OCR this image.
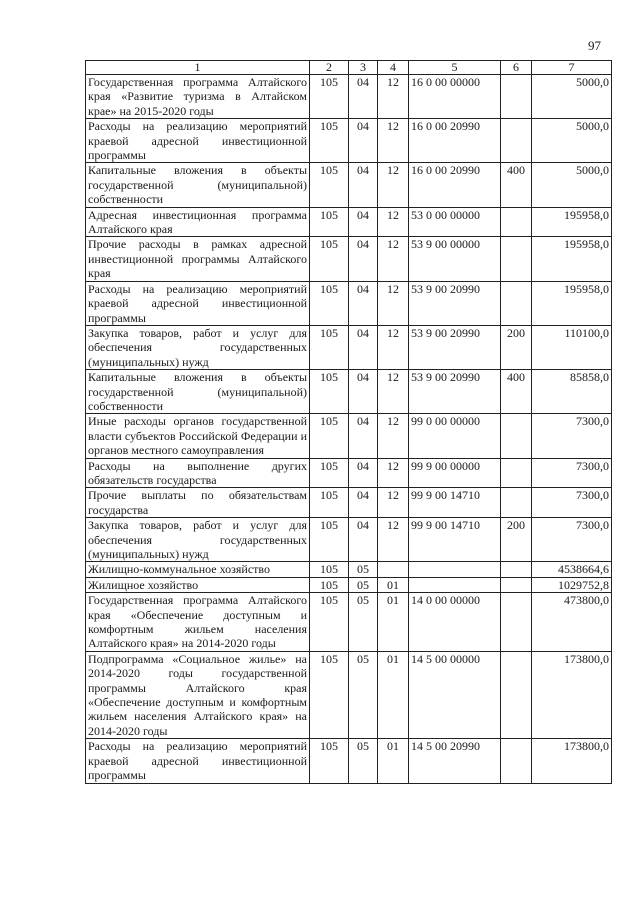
97
1	2	3	4	5	6	7
Государственная программа Алтайского края «Развитие туризма в Алтайском крае» на 2015-2020 годы	105	04	12	16 0 00 00000		5000,0
Расходы на реализацию мероприятий краевой адресной инвестиционной программы	105	04	12	16 0 00 20990		5000,0
Капитальные вложения в объекты государственной (муниципальной) собственности	105	04	12	16 0 00 20990	400	5000,0
Адресная инвестиционная программа Алтайского края	105	04	12	53 0 00 00000		195958,0
Прочие расходы в рамках адресной инвестиционной программы Алтайского края	105	04	12	53 9 00 00000		195958,0
Расходы на реализацию мероприятий краевой адресной инвестиционной программы	105	04	12	53 9 00 20990		195958,0
Закупка товаров, работ и услуг для обеспечения государственных (муниципальных) нужд	105	04	12	53 9 00 20990	200	110100,0
Капитальные вложения в объекты государственной (муниципальной) собственности	105	04	12	53 9 00 20990	400	85858,0
Иные расходы органов государственной власти субъектов Российской Федерации и органов местного самоуправления	105	04	12	99 0 00 00000		7300,0
Расходы на выполнение других обязательств государства	105	04	12	99 9 00 00000		7300,0
Прочие выплаты по обязательствам государства	105	04	12	99 9 00 14710		7300,0
Закупка товаров, работ и услуг для обеспечения государственных (муниципальных) нужд	105	04	12	99 9 00 14710	200	7300,0
Жилищно-коммунальное хозяйство	105	05				4538664,6
Жилищное хозяйство	105	05	01			1029752,8
Государственная программа Алтайского края «Обеспечение доступным и комфортным жильем населения Алтайского края» на 2014-2020 годы	105	05	01	14 0 00 00000		473800,0
Подпрограмма «Социальное жилье» на 2014-2020 годы государственной программы Алтайского края «Обеспечение доступным и комфортным жильем населения Алтайского края» на 2014-2020 годы	105	05	01	14 5 00 00000		173800,0
Расходы на реализацию мероприятий краевой адресной инвестиционной программы	105	05	01	14 5 00 20990		173800,0
